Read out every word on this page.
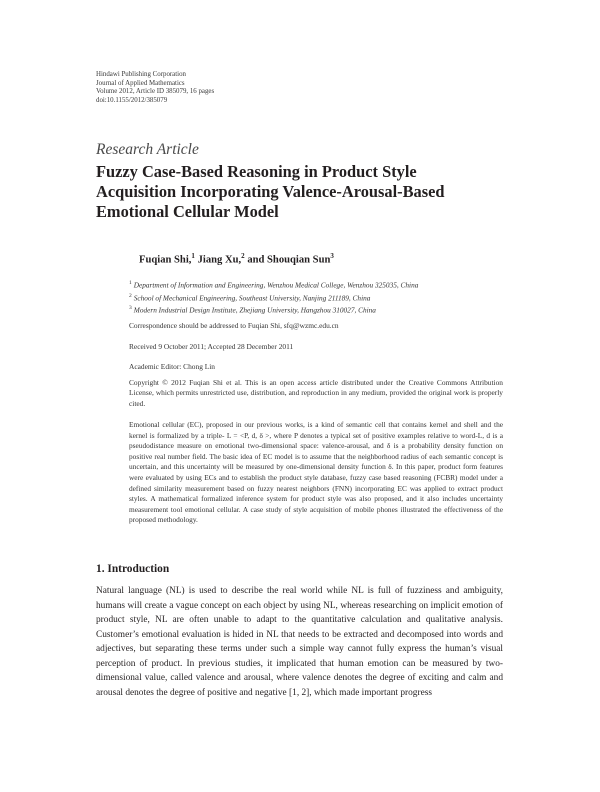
Hindawi Publishing Corporation
Journal of Applied Mathematics
Volume 2012, Article ID 385079, 16 pages
doi:10.1155/2012/385079
Research Article
Fuzzy Case-Based Reasoning in Product Style
Acquisition Incorporating Valence-Arousal-Based
Emotional Cellular Model
Fuqian Shi,$^1$ Jiang Xu,$^2$ and Shouqian Sun$^3$
$^1$ Department of Information and Engineering, Wenzhou Medical College, Wenzhou 325035, China
$^2$ School of Mechanical Engineering, Southeast University, Nanjing 211189, China
$^3$ Modern Industrial Design Institute, Zhejiang University, Hangzhou 310027, China
Correspondence should be addressed to Fuqian Shi, sfq@wzmc.edu.cn
Received 9 October 2011; Accepted 28 December 2011
Academic Editor: Chong Lin
Copyright © 2012 Fuqian Shi et al. This is an open access article distributed under the Creative Commons Attribution License, which permits unrestricted use, distribution, and reproduction in any medium, provided the original work is properly cited.
Emotional cellular (EC), proposed in our previous works, is a kind of semantic cell that contains kernel and shell and the kernel is formalized by a triple- L = <P, d, δ >, where P denotes a typical set of positive examples relative to word-L, d is a pseudodistance measure on emotional two-dimensional space: valence-arousal, and δ is a probability density function on positive real number field. The basic idea of EC model is to assume that the neighborhood radius of each semantic concept is uncertain, and this uncertainty will be measured by one-dimensional density function δ. In this paper, product form features were evaluated by using ECs and to establish the product style database, fuzzy case based reasoning (FCBR) model under a defined similarity measurement based on fuzzy nearest neighbors (FNN) incorporating EC was applied to extract product styles. A mathematical formalized inference system for product style was also proposed, and it also includes uncertainty measurement tool emotional cellular. A case study of style acquisition of mobile phones illustrated the effectiveness of the proposed methodology.
1. Introduction
Natural language (NL) is used to describe the real world while NL is full of fuzziness and ambiguity, humans will create a vague concept on each object by using NL, whereas researching on implicit emotion of product style, NL are often unable to adapt to the quantitative calculation and qualitative analysis. Customer’s emotional evaluation is hided in NL that needs to be extracted and decomposed into words and adjectives, but separating these terms under such a simple way cannot fully express the human’s visual perception of product. In previous studies, it implicated that human emotion can be measured by two-dimensional value, called valence and arousal, where valence denotes the degree of exciting and calm and arousal denotes the degree of positive and negative [1, 2], which made important progress
